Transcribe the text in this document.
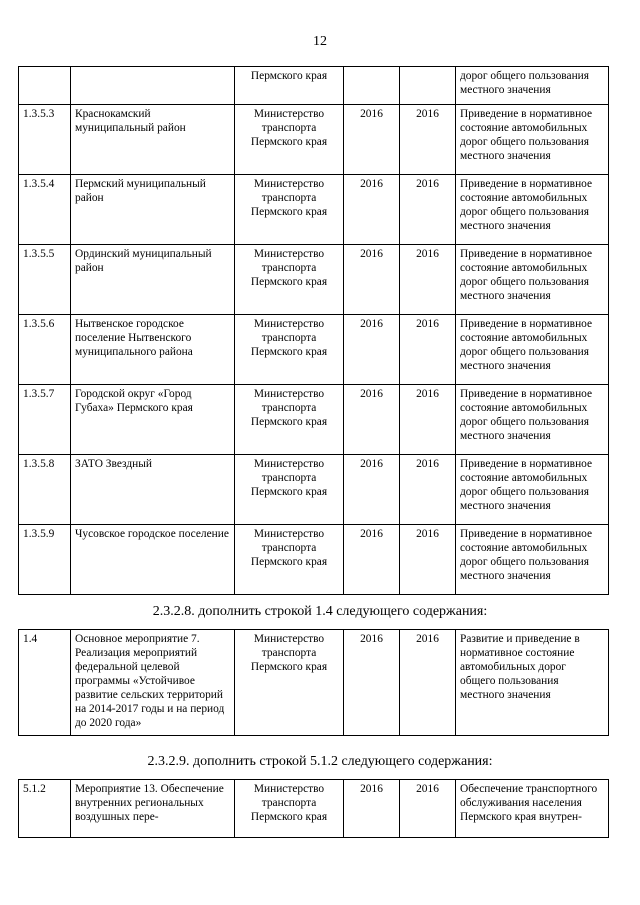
12
		Пермского края			дорог общего пользования местного значения
1.3.5.3	Краснокамский муниципальный район	Министерство транспорта Пермского края	2016	2016	Приведение в нормативное состояние автомобильных дорог общего пользования местного значения
1.3.5.4	Пермский муниципальный район	Министерство транспорта Пермского края	2016	2016	Приведение в нормативное состояние автомобильных дорог общего пользования местного значения
1.3.5.5	Ординский муниципальный район	Министерство транспорта Пермского края	2016	2016	Приведение в нормативное состояние автомобильных дорог общего пользования местного значения
1.3.5.6	Нытвенское городское поселение Нытвенского муниципального района	Министерство транспорта Пермского края	2016	2016	Приведение в нормативное состояние автомобильных дорог общего пользования местного значения
1.3.5.7	Городской округ «Город Губаха» Пермского края	Министерство транспорта Пермского края	2016	2016	Приведение в нормативное состояние автомобильных дорог общего пользования местного значения
1.3.5.8	ЗАТО Звездный	Министерство транспорта Пермского края	2016	2016	Приведение в нормативное состояние автомобильных дорог общего пользования местного значения
1.3.5.9	Чусовское городское поселение	Министерство транспорта Пермского края	2016	2016	Приведение в нормативное состояние автомобильных дорог общего пользования местного значения
2.3.2.8. дополнить строкой 1.4 следующего содержания:
1.4	Основное мероприятие 7. Реализация мероприятий федеральной целевой программы «Устойчивое развитие сельских территорий на 2014-2017 годы и на период до 2020 года»	Министерство транспорта Пермского края	2016	2016	Развитие и приведение в нормативное состояние автомобильных дорог общего пользования местного значения
2.3.2.9. дополнить строкой 5.1.2 следующего содержания:
5.1.2	Мероприятие 13. Обеспечение внутренних региональных воздушных пере-	Министерство транспорта Пермского края	2016	2016	Обеспечение транспортного обслуживания населения Пермского края внутрен-
